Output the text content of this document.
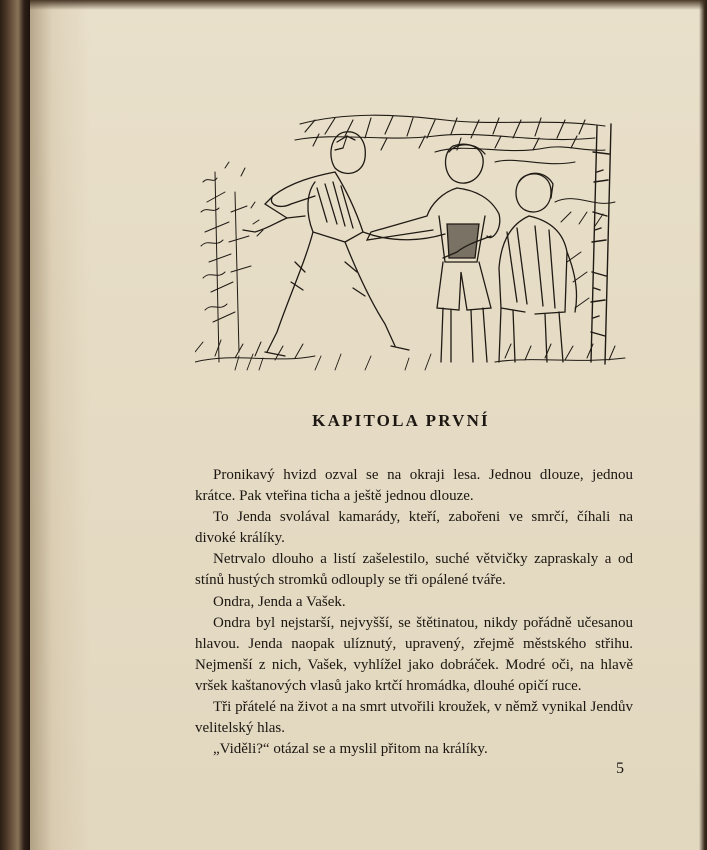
KAPITOLA PRVNÍ

Pronikavý hvizd ozval se na okraji lesa. Jednou dlouze, jednou krátce. Pak vteřina ticha a ještě jednou dlouze.

To Jenda svolával kamarády, kteří, zabořeni ve smrčí, číhali na divoké králíky.

Netrvalo dlouho a listí zašelestilo, suché větvičky zapraskaly a od stínů hustých stromků odlouply se tři opálené tváře.

Ondra, Jenda a Vašek.

Ondra byl nejstarší, nejvyšší, se štětinatou, nikdy pořádně učesanou hlavou. Jenda naopak ulíznutý, upravený, zřejmě městského střihu. Nejmenší z nich, Vašek, vyhlížel jako dobráček. Modré oči, na hlavě vršek kaštanových vlasů jako krtčí hromádka, dlouhé opičí ruce.

Tři přátelé na život a na smrt utvořili kroužek, v němž vynikal Jendův velitelský hlas.

„Viděli?“ otázal se a myslil přitom na králíky.

5
